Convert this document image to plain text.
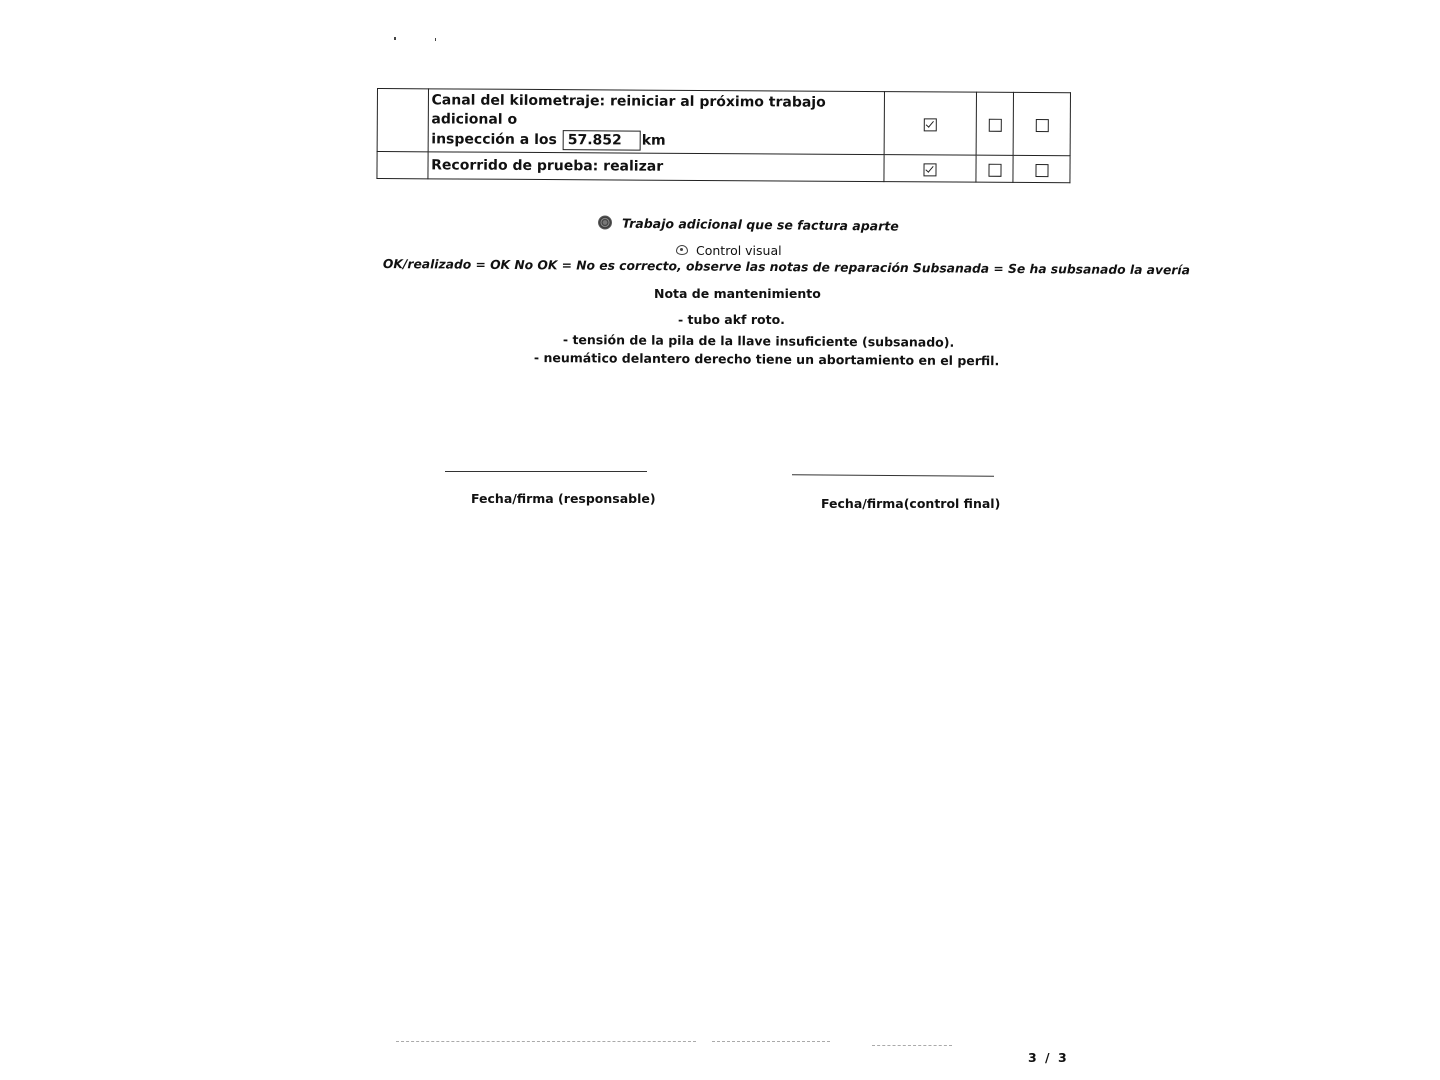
	Canal del kilometraje: reiniciar al próximo trabajo adicional o
inspección a los 57.852 km			
	Recorrido de prueba: realizar			
Trabajo adicional que se factura aparte
Control visual
OK/realizado = OK No OK = No es correcto, observe las notas de reparación Subsanada = Se ha subsanado la avería
Nota de mantenimiento
- tubo akf roto.
- tensión de la pila de la llave insuficiente (subsanado).
- neumático delantero derecho tiene un abortamiento en el perfil.
Fecha/firma (responsable)	Fecha/firma(control final)
3 / 3
